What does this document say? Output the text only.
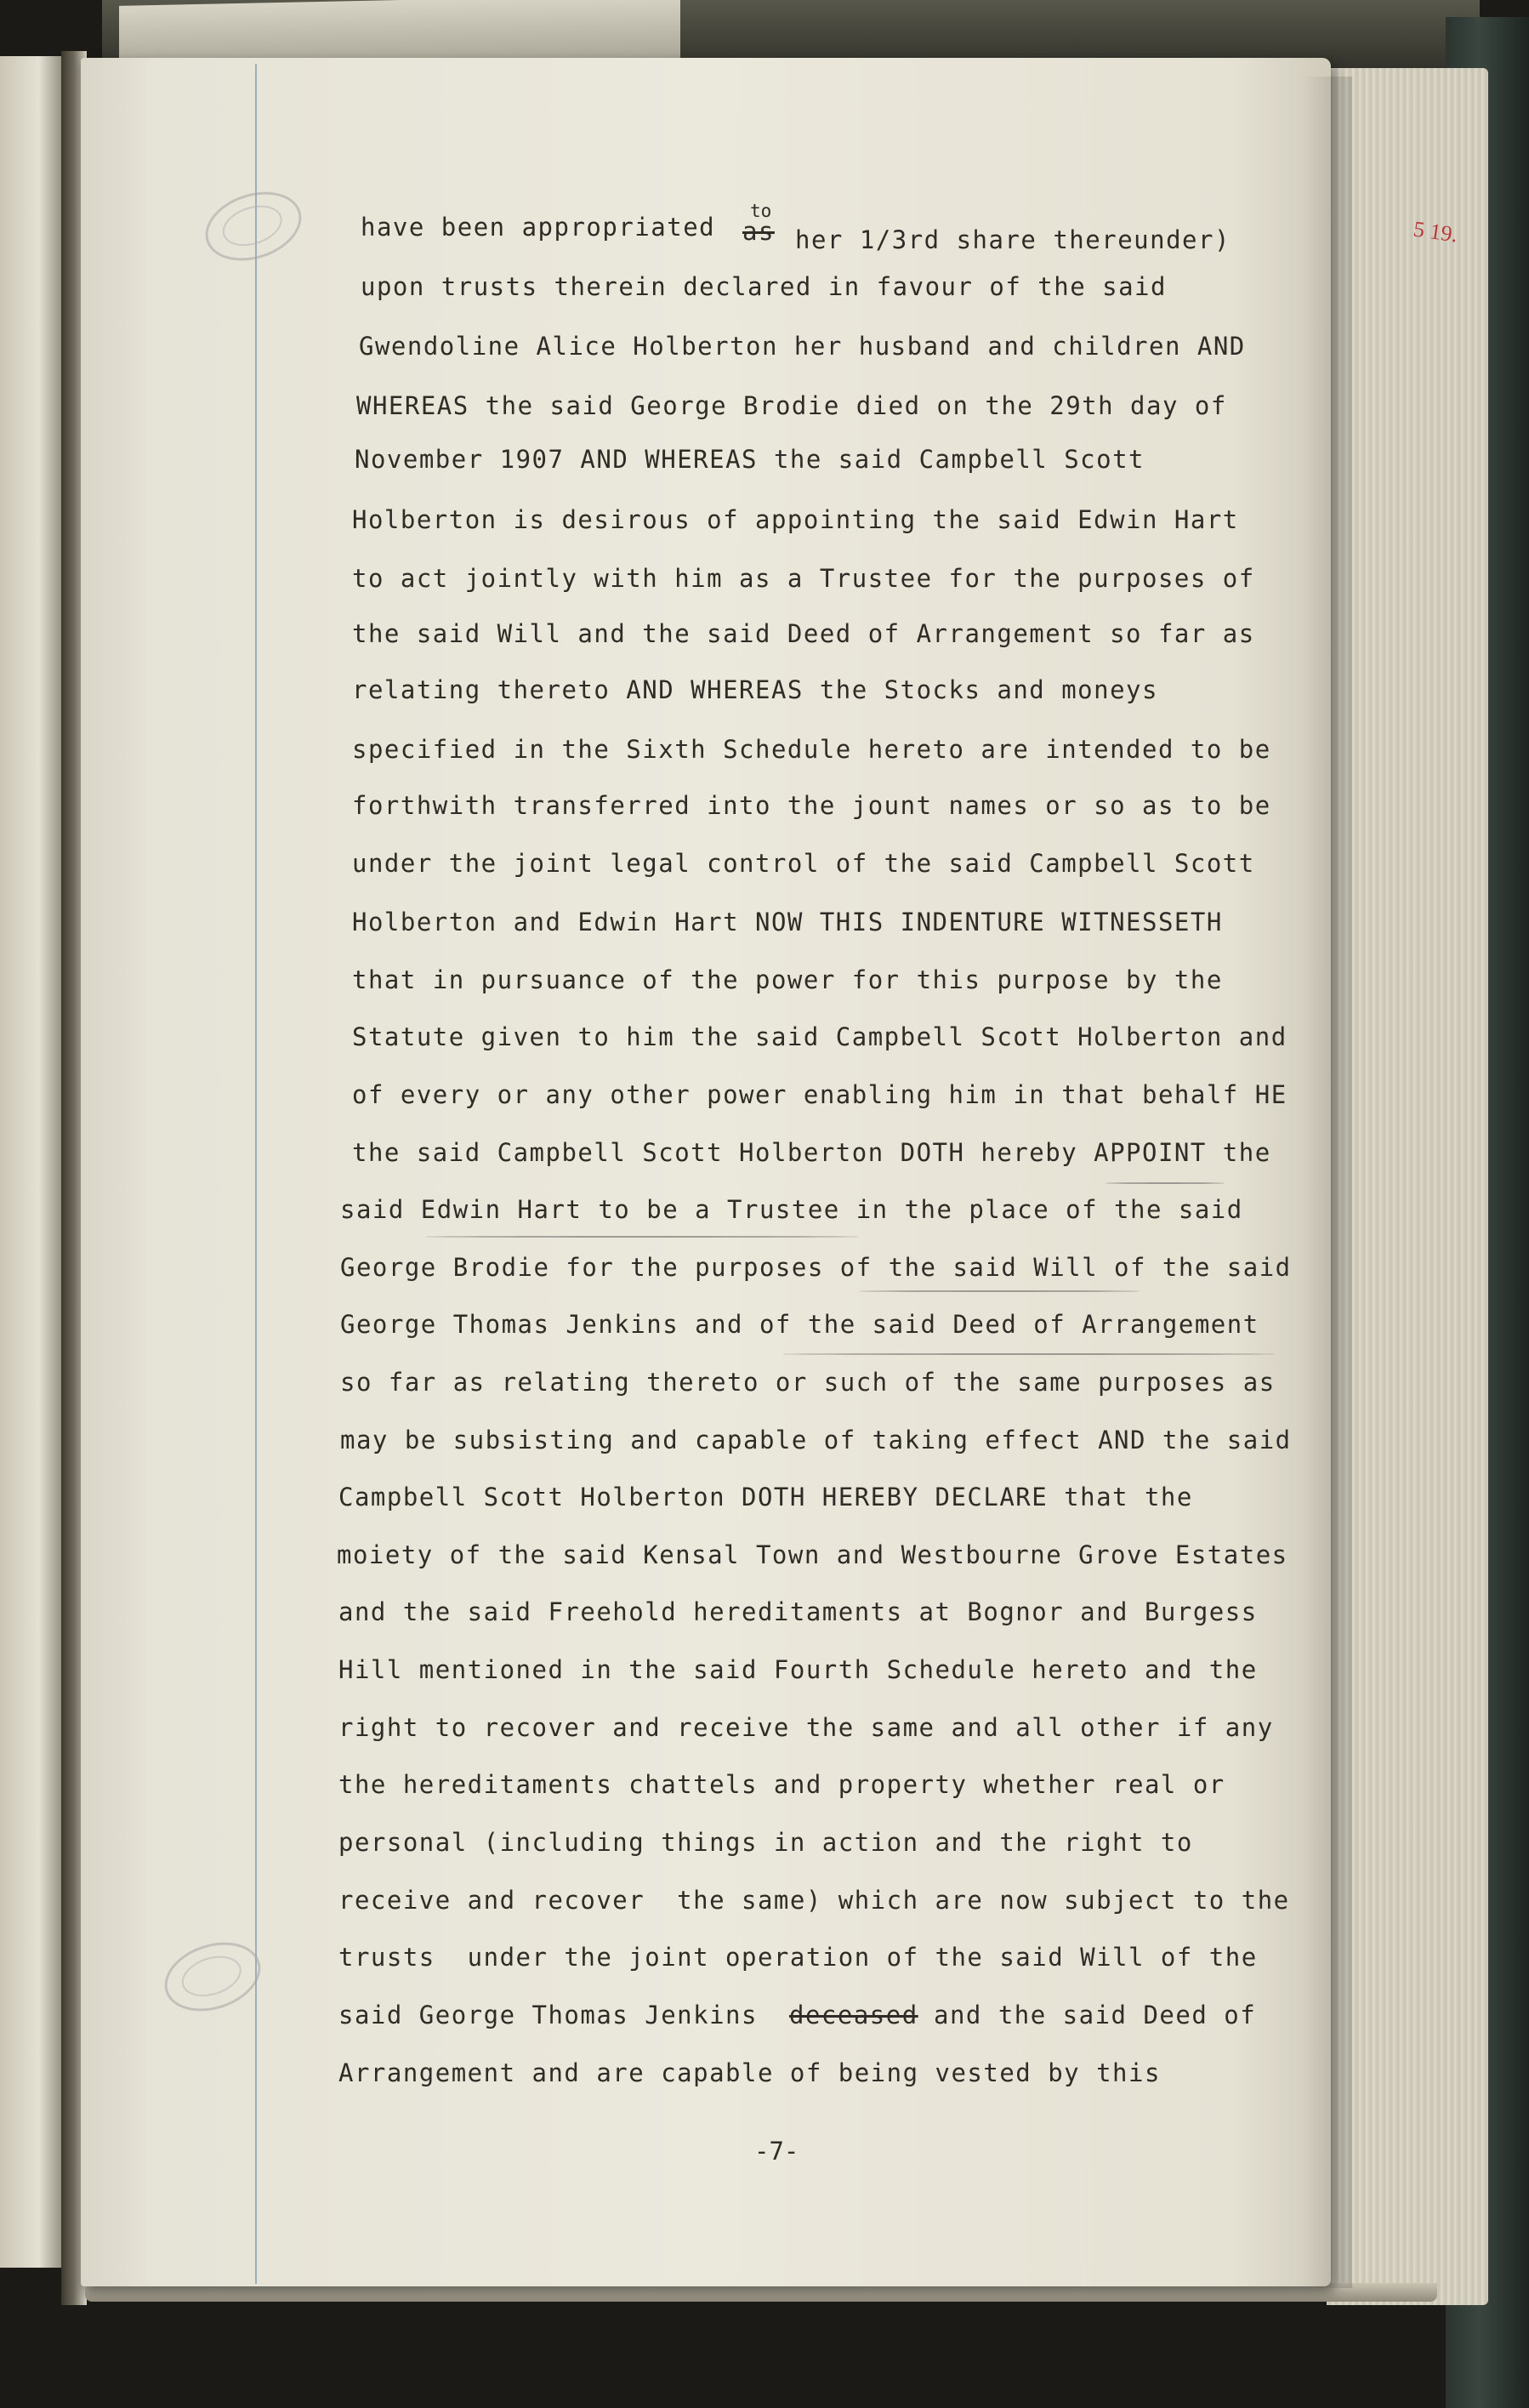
5 19.
have been appropriated as
to
her 1/3rd share thereunder)
upon trusts therein declared in favour of the said
Gwendoline Alice Holberton her husband and children AND
WHEREAS the said George Brodie died on the 29th day of
November 1907 AND WHEREAS the said Campbell Scott
Holberton is desirous of appointing the said Edwin Hart
to act jointly with him as a Trustee for the purposes of
the said Will and the said Deed of Arrangement so far as
relating thereto AND WHEREAS the Stocks and moneys
specified in the Sixth Schedule hereto are intended to be
forthwith transferred into the jount names or so as to be
under the joint legal control of the said Campbell Scott
Holberton and Edwin Hart NOW THIS INDENTURE WITNESSETH
that in pursuance of the power for this purpose by the
Statute given to him the said Campbell Scott Holberton and
of every or any other power enabling him in that behalf HE
the said Campbell Scott Holberton DOTH hereby APPOINT the
said Edwin Hart to be a Trustee in the place of the said
George Brodie for the purposes of the said Will of the said
George Thomas Jenkins and of the said Deed of Arrangement
so far as relating thereto or such of the same purposes as
may be subsisting and capable of taking effect AND the said
Campbell Scott Holberton DOTH HEREBY DECLARE that the
moiety of the said Kensal Town and Westbourne Grove Estates
and the said Freehold hereditaments at Bognor and Burgess
Hill mentioned in the said Fourth Schedule hereto and the
right to recover and receive the same and all other if any
the hereditaments chattels and property whether real or
personal (including things in action and the right to
receive and recover  the same) which are now subject to the
trusts  under the joint operation of the said Will of the
said George Thomas Jenkins deceased and the said Deed of
Arrangement and are capable of being vested by this
-7-
